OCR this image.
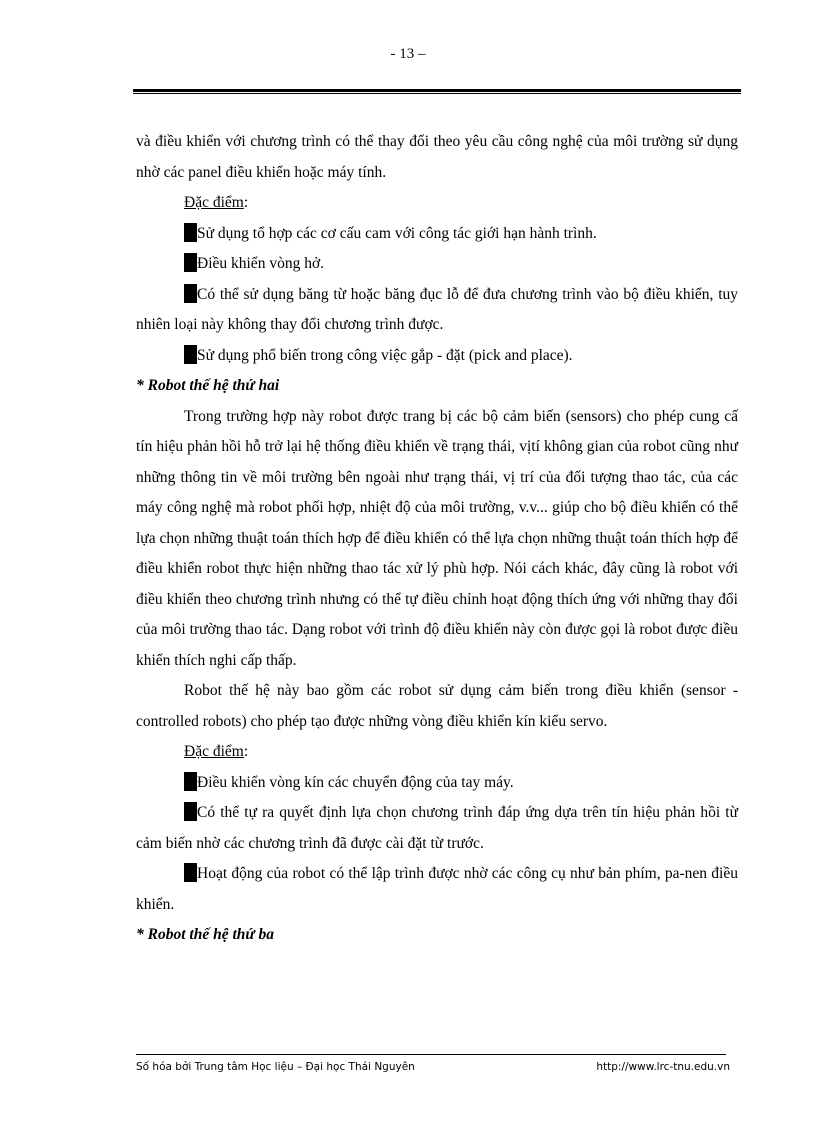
- 13 –

và điều khiển với chương trình có thể thay đổi theo yêu cầu công nghệ của môi trường sử dụng nhờ các panel điều khiển hoặc máy tính.

Đặc điểm:

Sử dụng tổ hợp các cơ cấu cam với công tác giới hạn hành trình.

Điều khiển vòng hở.

Có thể sử dụng băng từ hoặc băng đục lỗ để đưa chương trình vào bộ điều khiển, tuy nhiên loại này không thay đổi chương trình được.

Sử dụng phổ biến trong công việc gắp - đặt (pick and place).

* Robot thế hệ thứ hai

Trong trường hợp này robot được trang bị các bộ cảm biến (sensors) cho phép cung cấ tín hiệu phản hồi hỗ trở lại hệ thống điều khiển về trạng thái, vịtí không gian của robot cũng như những thông tin về môi trường bên ngoài như trạng thái, vị trí của đối tượng thao tác, của các máy công nghệ mà robot phối hợp, nhiệt độ của môi trường, v.v... giúp cho bộ điều khiển có thể lựa chọn những thuật toán thích hợp để điều khiển có thể lựa chọn những thuật toán thích hợp để điều khiển robot thực hiện những thao tác xử lý phù hợp. Nói cách khác, đây cũng là robot với điều khiển theo chương trình nhưng có thể tự điều chỉnh hoạt động thích ứng với những thay đổi của môi trường thao tác. Dạng robot với trình độ điều khiển này còn được gọi là robot được điều khiển thích nghi cấp thấp.

Robot thế hệ này bao gồm các robot sử dụng cảm biến trong điều khiển (sensor - controlled robots) cho phép tạo được những vòng điều khiển kín kiểu servo.

Đặc điểm:

Điều khiển vòng kín các chuyển động của tay máy.

Có thể tự ra quyết định lựa chọn chương trình đáp ứng dựa trên tín hiệu phản hồi từ cảm biến nhờ các chương trình đã được cài đặt từ trước.

Hoạt động của robot có thể lập trình được nhờ các công cụ như bản phím, pa-nen điều khiển.

* Robot thế hệ thứ ba

Số hóa bởi Trung tâm Học liệu – Đại học Thái Nguyên	http://www.lrc-tnu.edu.vn
